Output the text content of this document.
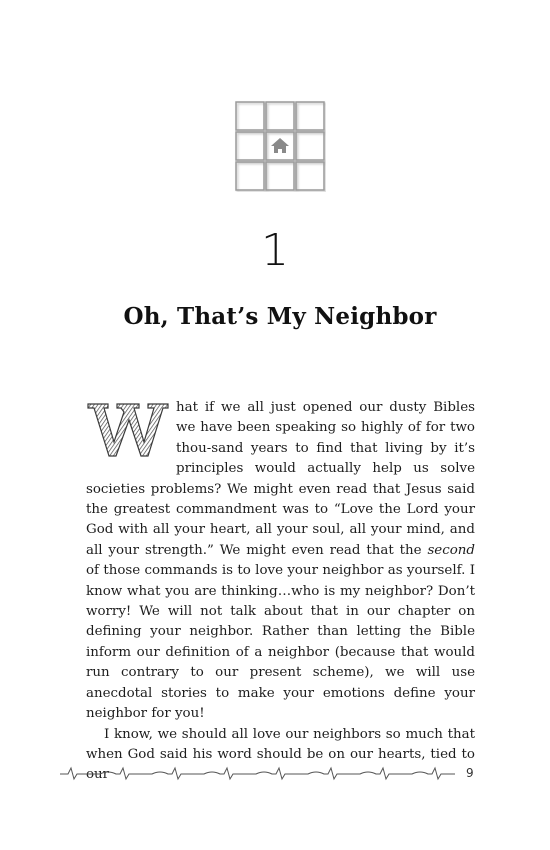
1
Oh, That’s My Neighbor

hat if we all just opened our dusty Bibles we have been speaking so highly of for two thou-sand years to find that living by it’s principles would actually help us solve societies problems? We might even read that Jesus said the greatest commandment was to “Love the Lord your God with all your heart, all your soul, all your mind, and all your strength.” We might even read that the second of those commands is to love your neighbor as yourself. I know what you are thinking…who is my neighbor? Don’t worry! We will not talk about that in our chapter on defining your neighbor. Rather than letting the Bible inform our definition of a neighbor (because that would run contrary to our present scheme), we will use anecdotal stories to make your emotions define your neighbor for you!

I know, we should all love our neighbors so much that when God said his word should be on our hearts, tied to our	9
